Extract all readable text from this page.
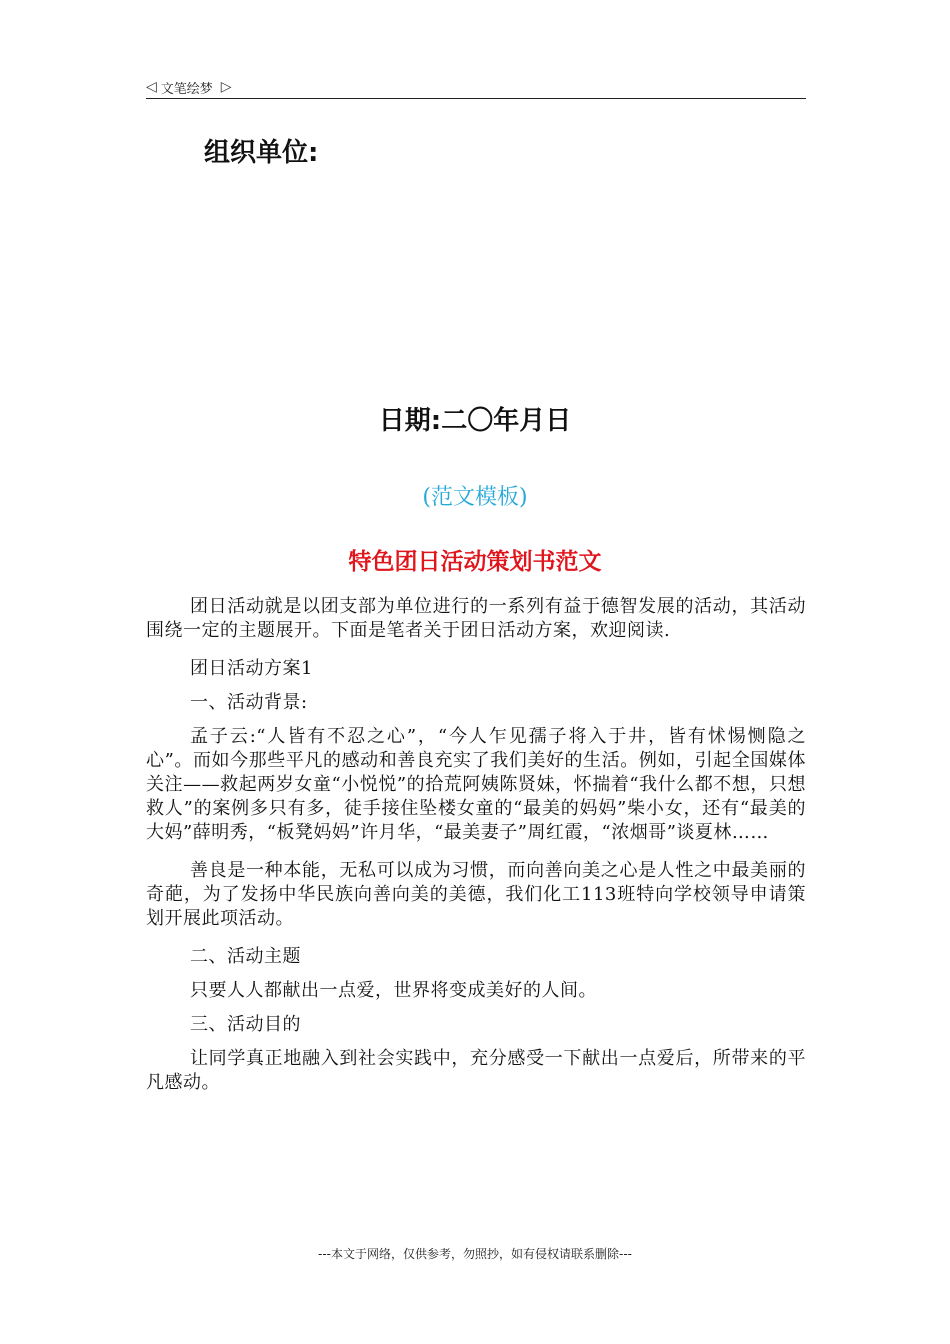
◁ 文笔绘梦 ▷
组织单位:
日期:二〇年月日
(范文模板)
特色团日活动策划书范文

团日活动就是以团支部为单位进行的一系列有益于德智发展的活动，其活动围绕一定的主题展开。下面是笔者关于团日活动方案，欢迎阅读.

团日活动方案1

一、活动背景:

孟子云:“人皆有不忍之心”，“今人乍见孺子将入于井，皆有怵惕恻隐之心”。而如今那些平凡的感动和善良充实了我们美好的生活。例如，引起全国媒体关注——救起两岁女童“小悦悦”的拾荒阿姨陈贤妹，怀揣着“我什么都不想，只想救人”的案例多只有多，徒手接住坠楼女童的“最美的妈妈”柴小女，还有“最美的大妈”薛明秀，“板凳妈妈”许月华，“最美妻子”周红霞，“浓烟哥”谈夏林……

善良是一种本能，无私可以成为习惯，而向善向美之心是人性之中最美丽的奇葩，为了发扬中华民族向善向美的美德，我们化工113班特向学校领导申请策划开展此项活动。

二、活动主题

只要人人都献出一点爱，世界将变成美好的人间。

三、活动目的

让同学真正地融入到社会实践中，充分感受一下献出一点爱后，所带来的平凡感动。

---本文于网络，仅供参考，勿照抄，如有侵权请联系删除---
